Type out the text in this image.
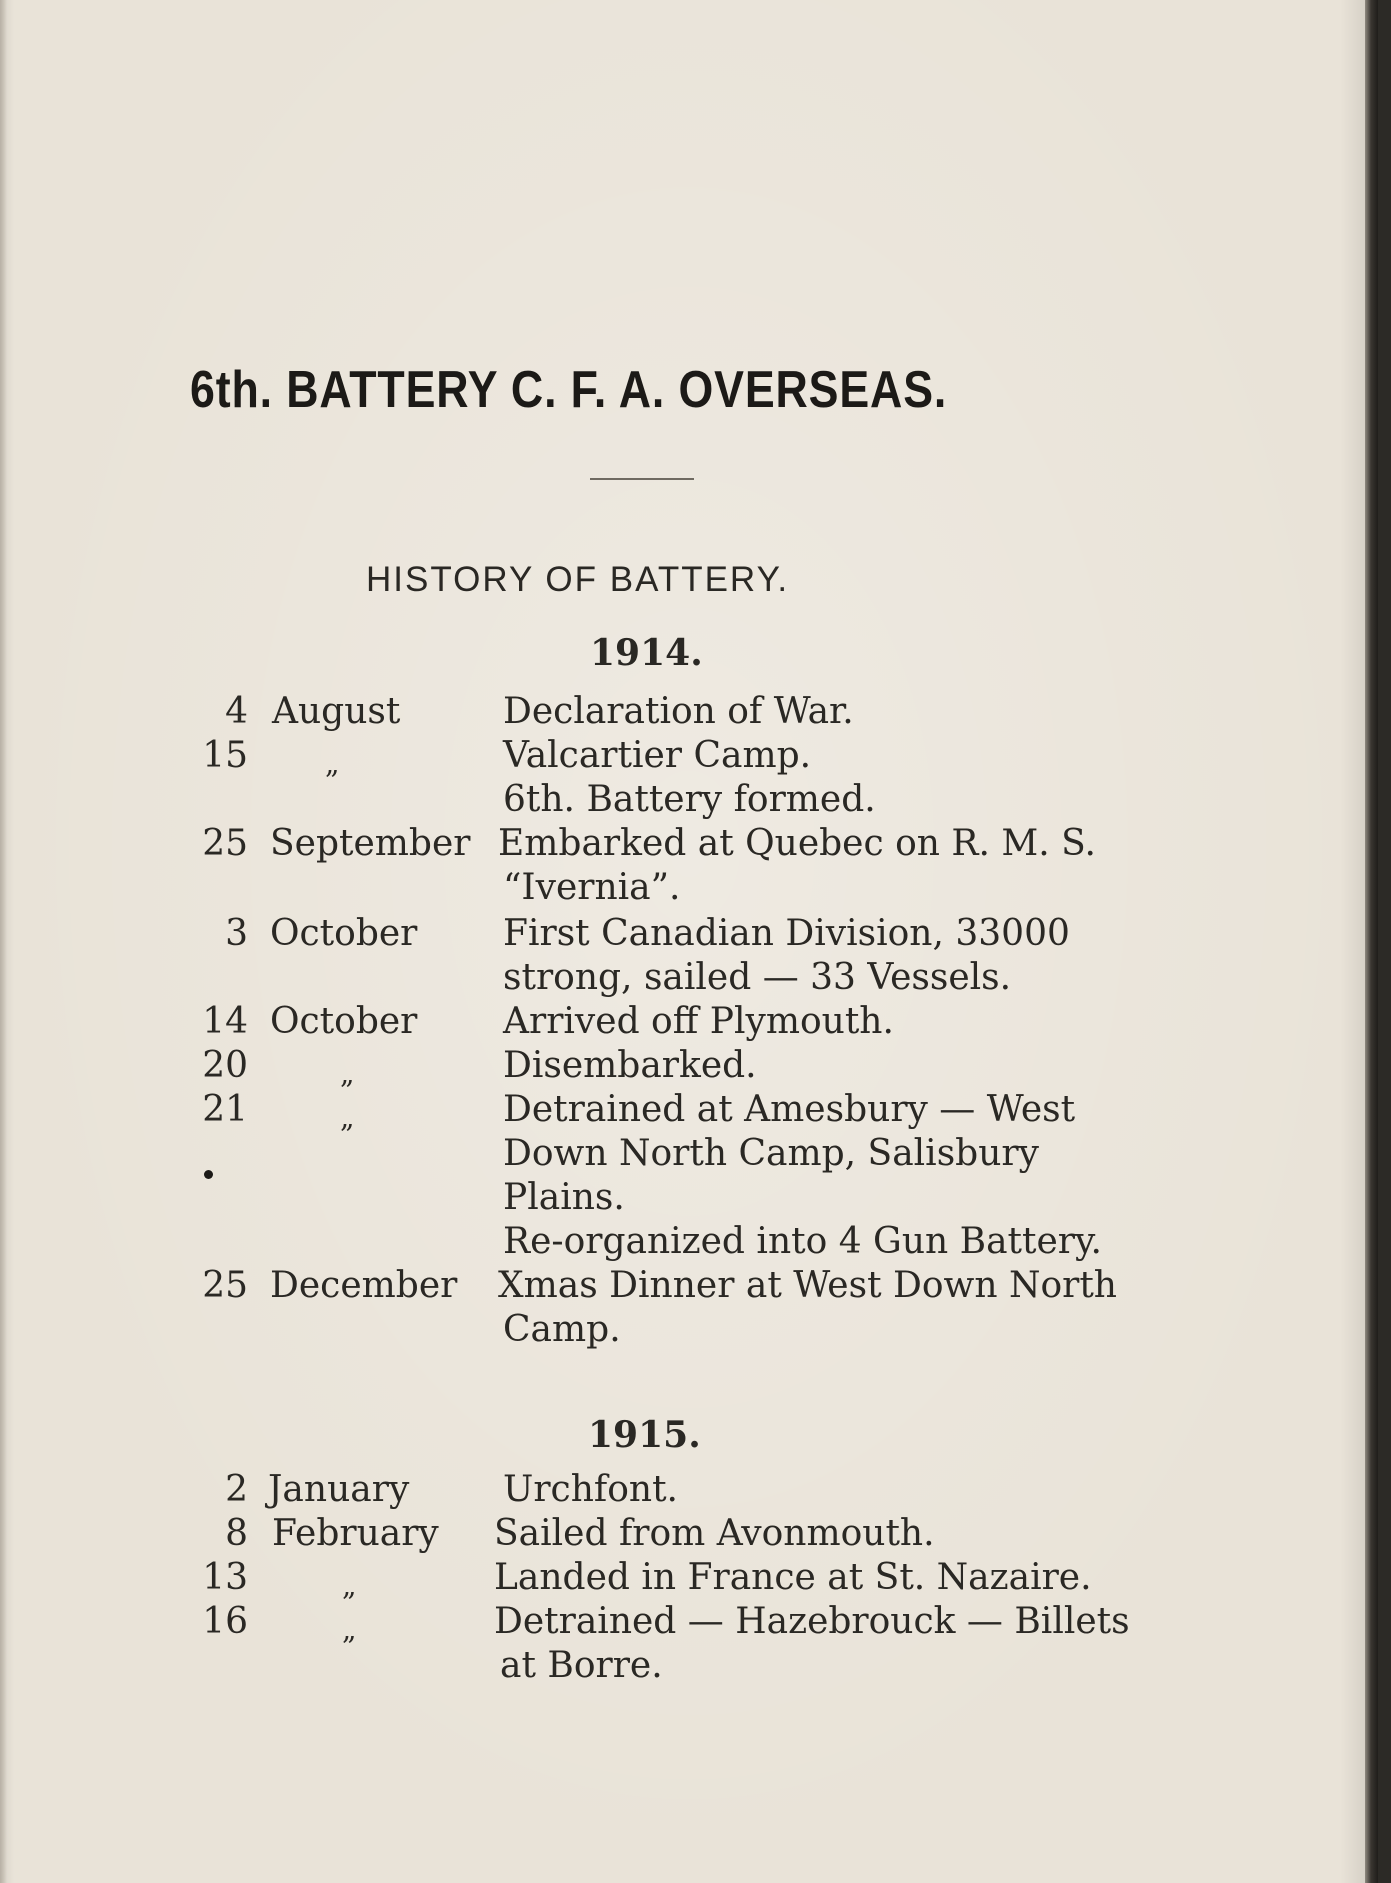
6th. BATTERY C. F. A. OVERSEAS.
HISTORY OF BATTERY.
1914.
4 August	Declaration of War.
15	„	Valcartier Camp.
6th. Battery formed.
25 September Embarked at Quebec on R. M. S.
“Ivernia”.
3 October First Canadian Division, 33000
strong, sailed — 33 Vessels.
14 October Arrived off Plymouth.
20	„	Disembarked.
21	„	Detrained at Amesbury — West
Down North Camp, Salisbury
Plains.
Re-organized into 4 Gun Battery.
25 December Xmas Dinner at West Down North
Camp.
1915.
2 January	Urchfont.
8 February Sailed from Avonmouth.
13	„	Landed in France at St. Nazaire.
16	„	Detrained — Hazebrouck — Billets
at Borre.
